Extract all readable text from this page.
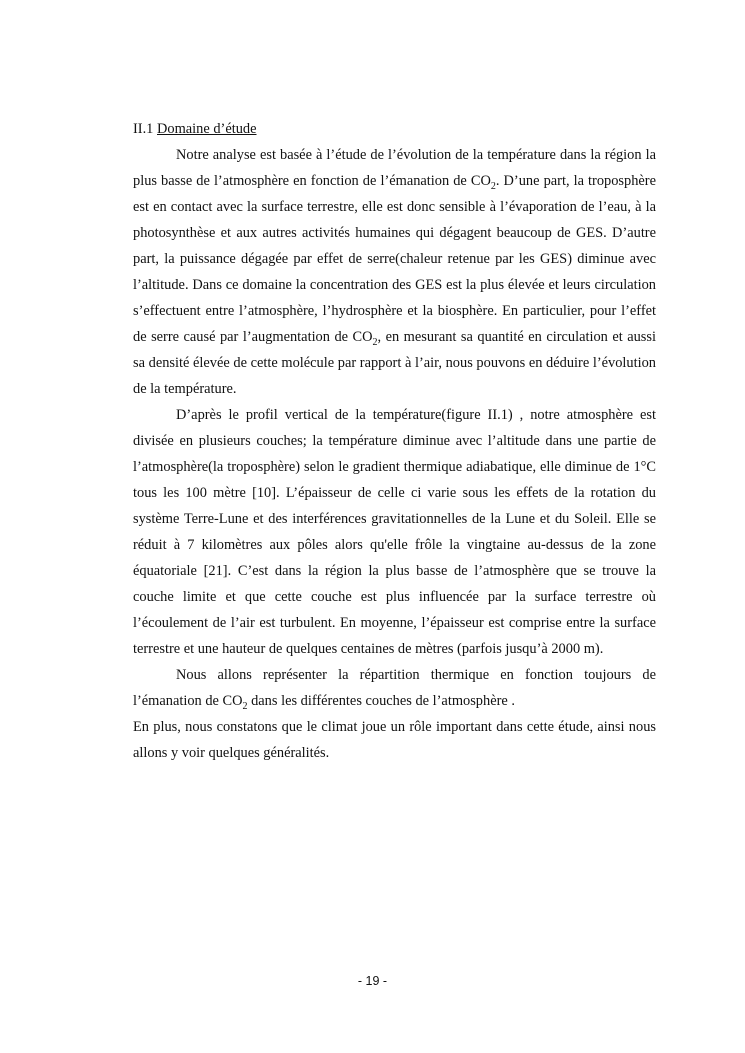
II.1 Domaine d’étude

Notre analyse est basée à l’étude de l’évolution de la température dans la région la plus basse de l’atmosphère en fonction de l’émanation de $CO_2$. D’une part, la troposphère est en contact avec la surface terrestre, elle est donc sensible à l’évaporation de l’eau, à la photosynthèse et aux autres activités humaines qui dégagent beaucoup de GES. D’autre part, la puissance dégagée par effet de serre(chaleur retenue par les GES) diminue avec l’altitude. Dans ce domaine la concentration des GES est la plus élevée et leurs circulation s’effectuent entre l’atmosphère, l’hydrosphère et la biosphère. En particulier, pour l’effet de serre causé par l’augmentation de $CO_2$, en mesurant sa quantité en circulation et aussi sa densité élevée de cette molécule par rapport à l’air, nous pouvons en déduire l’évolution de la température.

D’après le profil vertical de la température(figure II.1) , notre atmosphère est divisée en plusieurs couches; la température diminue avec l’altitude dans une partie de l’atmosphère(la troposphère) selon le gradient thermique adiabatique, elle diminue de 1°C tous les 100 mètre [10]. L’épaisseur de celle ci varie sous les effets de la rotation du système Terre-Lune et des interférences gravitationnelles de la Lune et du Soleil. Elle se réduit à 7 kilomètres aux pôles alors qu'elle frôle la vingtaine au-dessus de la zone équatoriale [21]. C’est dans la région la plus basse de l’atmosphère que se trouve la couche limite et que cette couche est plus influencée par la surface terrestre où l’écoulement de l’air est turbulent. En moyenne, l’épaisseur est comprise entre la surface terrestre et une hauteur de quelques centaines de mètres (parfois jusqu’à 2000 m).

Nous allons représenter la répartition thermique en fonction toujours de l’émanation de $CO_2$ dans les différentes couches de l’atmosphère .

En plus, nous constatons que le climat joue un rôle important dans cette étude, ainsi nous allons y voir quelques généralités.

- 19 -
